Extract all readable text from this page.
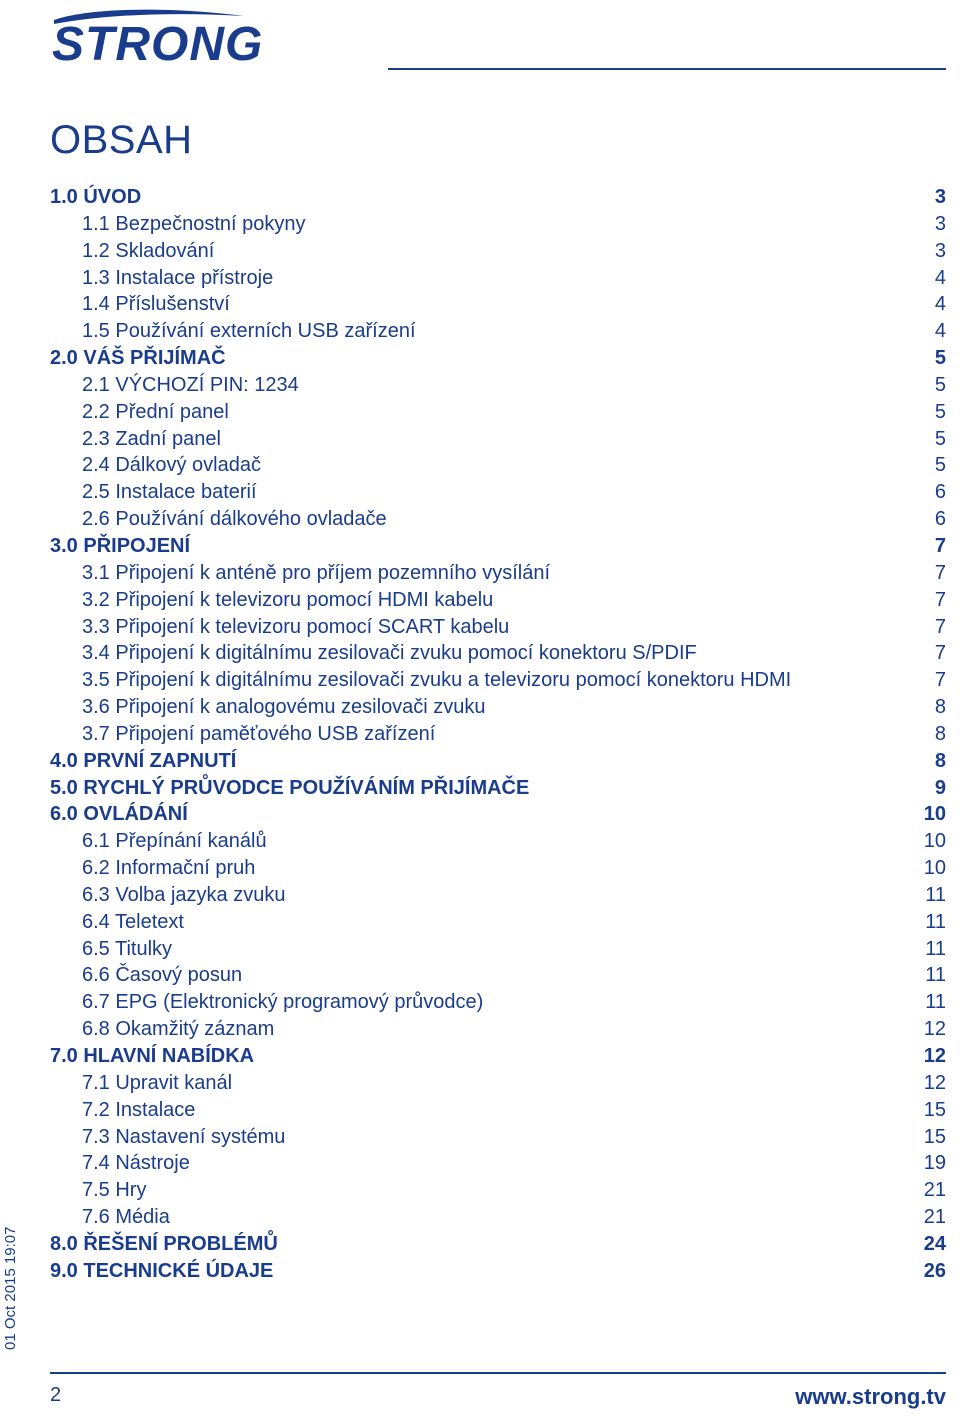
STRONG
OBSAH
1.0 ÚVOD	3
1.1 Bezpečnostní pokyny	3
1.2 Skladování	3
1.3 Instalace přístroje	4
1.4 Příslušenství	4
1.5 Používání externích USB zařízení	4
2.0 VÁŠ PŘIJÍMAČ	5
2.1 VÝCHOZÍ PIN: 1234	5
2.2 Přední panel	5
2.3 Zadní panel	5
2.4 Dálkový ovladač	5
2.5 Instalace baterií	6
2.6 Používání dálkového ovladače	6
3.0 PŘIPOJENÍ	7
3.1 Připojení k anténě pro příjem pozemního vysílání	7
3.2 Připojení k televizoru pomocí HDMI kabelu	7
3.3 Připojení k televizoru pomocí SCART kabelu	7
3.4 Připojení k digitálnímu zesilovači zvuku pomocí konektoru S/PDIF	7
3.5 Připojení k digitálnímu zesilovači zvuku a televizoru pomocí konektoru HDMI	7
3.6 Připojení k analogovému zesilovači zvuku	8
3.7 Připojení paměťového USB zařízení	8
4.0 PRVNÍ ZAPNUTÍ	8
5.0 RYCHLÝ PRŮVODCE POUŽÍVÁNÍM PŘIJÍMAČE	9
6.0 OVLÁDÁNÍ	10
6.1 Přepínání kanálů	10
6.2 Informační pruh	10
6.3 Volba jazyka zvuku	11
6.4 Teletext	11
6.5 Titulky	11
6.6 Časový posun	11
6.7 EPG (Elektronický programový průvodce)	11
6.8 Okamžitý záznam	12
7.0 HLAVNÍ NABÍDKA	12
7.1 Upravit kanál	12
7.2 Instalace	15
7.3 Nastavení systému	15
7.4 Nástroje	19
7.5 Hry	21
7.6 Média	21
8.0 ŘEŠENÍ PROBLÉMŮ	24
9.0 TECHNICKÉ ÚDAJE	26
01 Oct 2015 19:07
2	www.strong.tv
